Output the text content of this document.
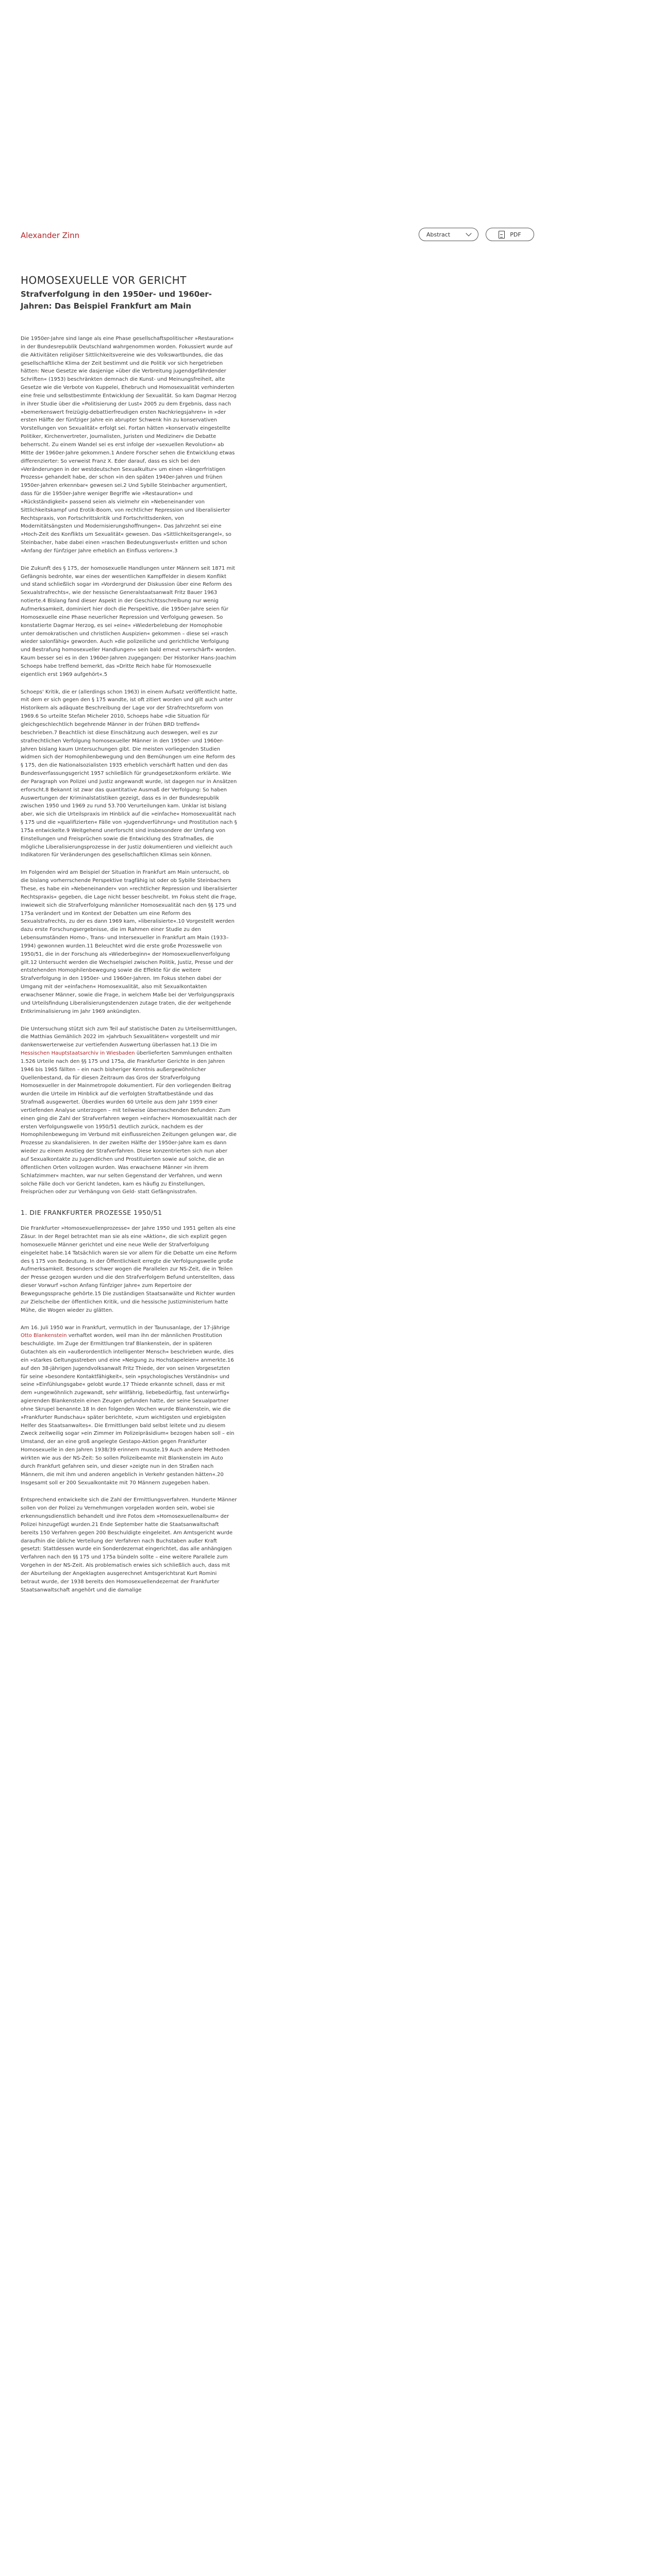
Alexander Zinn	Abstract	PDF
HOMOSEXUELLE VOR GERICHT
Strafverfolgung in den 1950er- und 1960er-Jahren: Das Beispiel Frankfurt am Main

Die 1950er-Jahre sind lange als eine Phase gesellschaftspolitischer »Restauration« in der Bundesrepublik Deutschland wahrgenommen worden. Fokussiert wurde auf die Aktivitäten religiöser Sittlichkeitsvereine wie des Volkswartbundes, die das gesellschaftliche Klima der Zeit bestimmt und die Politik vor sich hergetrieben hätten: Neue Gesetze wie dasjenige »über die Verbreitung jugendgefährdender Schriften« (1953) beschränkten demnach die Kunst- und Meinungsfreiheit, alte Gesetze wie die Verbote von Kuppelei, Ehebruch und Homosexualität verhinderten eine freie und selbstbestimmte Entwicklung der Sexualität. So kam Dagmar Herzog in ihrer Studie über die »Politisierung der Lust« 2005 zu dem Ergebnis, dass nach »bemerkenswert freizügig-debattierfreudigen ersten Nachkriegsjahren« in »der ersten Hälfte der fünfziger Jahre ein abrupter Schwenk hin zu konservativen Vorstellungen von Sexualität« erfolgt sei. Fortan hätten »konservativ eingestellte Politiker, Kirchenvertreter, Journalisten, Juristen und Mediziner« die Debatte beherrscht. Zu einem Wandel sei es erst infolge der »sexuellen Revolution« ab Mitte der 1960er-Jahre gekommen.1 Andere Forscher sehen die Entwicklung etwas differenzierter: So verweist Franz X. Eder darauf, dass es sich bei den »Veränderungen in der westdeutschen Sexualkultur« um einen »längerfristigen Prozess« gehandelt habe, der schon »in den späten 1940er-Jahren und frühen 1950er-Jahren erkennbar« gewesen sei.2 Und Sybille Steinbacher argumentiert, dass für die 1950er-Jahre weniger Begriffe wie »Restauration« und »Rückständigkeit« passend seien als vielmehr ein »Nebeneinander von Sittlichkeitskampf und Erotik-Boom, von rechtlicher Repression und liberalisierter Rechtspraxis, von Fortschrittskritik und Fortschrittsdenken, von Modernitätsängsten und Modernisierungshoffnungen«. Das Jahrzehnt sei eine »Hoch-Zeit des Konflikts um Sexualität« gewesen. Das »Sittlichkeitsgerangel«, so Steinbacher, habe dabei einen »raschen Bedeutungsverlust« erlitten und schon »Anfang der fünfziger Jahre erheblich an Einfluss verloren«.3

Die Zukunft des § 175, der homosexuelle Handlungen unter Männern seit 1871 mit Gefängnis bedrohte, war eines der wesentlichen Kampffelder in diesem Konflikt und stand schließlich sogar im »Vordergrund der Diskussion über eine Reform des Sexualstrafrechts«, wie der hessische Generalstaatsanwalt Fritz Bauer 1963 notierte.4 Bislang fand dieser Aspekt in der Geschichtsschreibung nur wenig Aufmerksamkeit, dominiert hier doch die Perspektive, die 1950er-Jahre seien für Homosexuelle eine Phase neuerlicher Repression und Verfolgung gewesen. So konstatierte Dagmar Herzog, es sei »eine« »Wiederbelebung der Homophobie unter demokratischen und christlichen Auspizien« gekommen – diese sei »rasch wieder salonfähig« geworden. Auch »die polizeiliche und gerichtliche Verfolgung und Bestrafung homosexueller Handlungen« sein bald erneut »verschärft« worden. Kaum besser sei es in den 1960er-Jahren zugegangen: Der Historiker Hans-Joachim Schoeps habe treffend bemerkt, das »Dritte Reich habe für Homosexuelle eigentlich erst 1969 aufgehört«.5

Schoeps' Kritik, die er (allerdings schon 1963) in einem Aufsatz veröffentlicht hatte, mit dem er sich gegen den § 175 wandte, ist oft zitiert worden und gilt auch unter Historikern als adäquate Beschreibung der Lage vor der Strafrechtsreform von 1969.6 So urteilte Stefan Micheler 2010, Schoeps habe »die Situation für gleichgeschlechtlich begehrende Männer in der frühen BRD treffend« beschrieben.7 Beachtlich ist diese Einschätzung auch deswegen, weil es zur strafrechtlichen Verfolgung homosexueller Männer in den 1950er- und 1960er-Jahren bislang kaum Untersuchungen gibt. Die meisten vorliegenden Studien widmen sich der Homophilenbewegung und den Bemühungen um eine Reform des § 175, den die Nationalsozialisten 1935 erheblich verschärft hatten und den das Bundesverfassungsgericht 1957 schließlich für grundgesetzkonform erklärte. Wie der Paragraph von Polizei und Justiz angewandt wurde, ist dagegen nur in Ansätzen erforscht.8 Bekannt ist zwar das quantitative Ausmaß der Verfolgung: So haben Auswertungen der Kriminalstatistiken gezeigt, dass es in der Bundesrepublik zwischen 1950 und 1969 zu rund 53.700 Verurteilungen kam. Unklar ist bislang aber, wie sich die Urteilspraxis im Hinblick auf die »einfache« Homosexualität nach § 175 und die »qualifizierten« Fälle von »Jugendverführung« und Prostitution nach § 175a entwickelte.9 Weitgehend unerforscht sind insbesondere der Umfang von Einstellungen und Freisprüchen sowie die Entwicklung des Strafmaßes, die mögliche Liberalisierungsprozesse in der Justiz dokumentieren und vielleicht auch Indikatoren für Veränderungen des gesellschaftlichen Klimas sein können.

Im Folgenden wird am Beispiel der Situation in Frankfurt am Main untersucht, ob die bislang vorherrschende Perspektive tragfähig ist oder ob Sybille Steinbachers These, es habe ein »Nebeneinander« von »rechtlicher Repression und liberalisierter Rechtspraxis« gegeben, die Lage nicht besser beschreibt. Im Fokus steht die Frage, inwieweit sich die Strafverfolgung männlicher Homosexualität nach den §§ 175 und 175a verändert und im Kontext der Debatten um eine Reform des Sexualstrafrechts, zu der es dann 1969 kam, »liberalisierte«.10 Vorgestellt werden dazu erste Forschungsergebnisse, die im Rahmen einer Studie zu den Lebensumständen Homo-, Trans- und Intersexueller in Frankfurt am Main (1933–1994) gewonnen wurden.11 Beleuchtet wird die erste große Prozesswelle von 1950/51, die in der Forschung als »Wiederbeginn« der Homosexuellenverfolgung gilt.12 Untersucht werden die Wechselspiel zwischen Politik, Justiz, Presse und der entstehenden Homophilenbewegung sowie die Effekte für die weitere Strafverfolgung in den 1950er- und 1960er-Jahren. Im Fokus stehen dabei der Umgang mit der »einfachen« Homosexualität, also mit Sexualkontakten erwachsener Männer, sowie die Frage, in welchem Maße bei der Verfolgungspraxis und Urteilsfindung Liberalisierungstendenzen zutage traten, die der weitgehende Entkriminalisierung im Jahr 1969 ankündigten.

Die Untersuchung stützt sich zum Teil auf statistische Daten zu Urteilsermittlungen, die Matthias Gemählich 2022 im »Jahrbuch Sexualitäten« vorgestellt und mir dankenswerterweise zur vertiefenden Auswertung überlassen hat.13 Die im Hessischen Hauptstaatsarchiv in Wiesbaden überlieferten Sammlungen enthalten 1.526 Urteile nach den §§ 175 und 175a, die Frankfurter Gerichte in den Jahren 1946 bis 1965 fällten – ein nach bisheriger Kenntnis außergewöhnlicher Quellenbestand, da für diesen Zeitraum das Gros der Strafverfolgung Homosexueller in der Mainmetropole dokumentiert. Für den vorliegenden Beitrag wurden die Urteile im Hinblick auf die verfolgten Straftatbestände und das Strafmaß ausgewertet. Überdies wurden 60 Urteile aus dem Jahr 1959 einer vertiefenden Analyse unterzogen – mit teilweise überraschenden Befunden: Zum einen ging die Zahl der Strafverfahren wegen »einfacher« Homosexualität nach der ersten Verfolgungswelle von 1950/51 deutlich zurück, nachdem es der Homophilenbewegung im Verbund mit einflussreichen Zeitungen gelungen war, die Prozesse zu skandalisieren. In der zweiten Hälfte der 1950er-Jahre kam es dann wieder zu einem Anstieg der Strafverfahren. Diese konzentrierten sich nun aber auf Sexualkontakte zu Jugendlichen und Prostituierten sowie auf solche, die an öffentlichen Orten vollzogen wurden. Was erwachsene Männer »in ihrem Schlafzimmer« machten, war nur selten Gegenstand der Verfahren, und wenn solche Fälle doch vor Gericht landeten, kam es häufig zu Einstellungen, Freisprüchen oder zur Verhängung von Geld- statt Gefängnisstrafen.

1. DIE FRANKFURTER PROZESSE 1950/51

Die Frankfurter »Homosexuellenprozesse« der Jahre 1950 und 1951 gelten als eine Zäsur. In der Regel betrachtet man sie als eine »Aktion«, die sich explizit gegen homosexuelle Männer gerichtet und eine neue Welle der Strafverfolgung eingeleitet habe.14 Tatsächlich waren sie vor allem für die Debatte um eine Reform des § 175 von Bedeutung. In der Öffentlichkeit erregte die Verfolgungswelle große Aufmerksamkeit. Besonders schwer wogen die Parallelen zur NS-Zeit, die in Teilen der Presse gezogen wurden und die den Strafverfolgern Befund unterstellten, dass dieser Vorwurf »schon Anfang fünfziger Jahre« zum Repertoire der Bewegungssprache gehörte.15 Die zuständigen Staatsanwälte und Richter wurden zur Zielscheibe der öffentlichen Kritik, und die hessische Justizministerium hatte Mühe, die Wogen wieder zu glätten.

Am 16. Juli 1950 war in Frankfurt, vermutlich in der Taunusanlage, der 17-jährige Otto Blankenstein verhaftet worden, weil man ihn der männlichen Prostitution beschuldigte. Im Zuge der Ermittlungen traf Blankenstein, der in späteren Gutachten als ein »außerordentlich intelligenter Mensch« beschrieben wurde, dies ein »starkes Geltungsstreben und eine »Neigung zu Hochstapeleien« anmerkte.16 auf den 38-jährigen Jugendvolksanwalt Fritz Thiede, der von seinen Vorgesetzten für seine »besondere Kontaktfähigkeit«, sein »psychologisches Verständnis« und seine »Einfühlungsgabe« gelobt wurde.17 Thiede erkannte schnell, dass er mit dem »ungewöhnlich zugewandt, sehr willfährig, liebebedürftig, fast unterwürfig« agierenden Blankenstein einen Zeugen gefunden hatte, der seine Sexualpartner ohne Skrupel benannte.18 In den folgenden Wochen wurde Blankenstein, wie die »Frankfurter Rundschau« später berichtete, »zum wichtigsten und ergiebigsten Helfer des Staatsanwaltes«. Die Ermittlungen bald selbst leitete und zu diesem Zweck zeitweilig sogar »ein Zimmer im Polizeipräsidium« bezogen haben soll – ein Umstand, der an eine groß angelegte Gestapo-Aktion gegen Frankfurter Homosexuelle in den Jahren 1938/39 erinnern musste.19 Auch andere Methoden wirkten wie aus der NS-Zeit: So sollen Polizeibeamte mit Blankenstein im Auto durch Frankfurt gefahren sein, und dieser »zeigte nun in den Straßen nach Männern, die mit ihm und anderen angeblich in Verkehr gestanden hätten«.20 Insgesamt soll er 200 Sexualkontakte mit 70 Männern zugegeben haben.

Entsprechend entwickelte sich die Zahl der Ermittlungsverfahren. Hunderte Männer sollen von der Polizei zu Vernehmungen vorgeladen worden sein, wobei sie erkennungsdienstlich behandelt und ihre Fotos dem »Homosexuellenalbum« der Polizei hinzugefügt wurden.21 Ende September hatte die Staatsanwaltschaft bereits 150 Verfahren gegen 200 Beschuldigte eingeleitet. Am Amtsgericht wurde daraufhin die übliche Verteilung der Verfahren nach Buchstaben außer Kraft gesetzt: Stattdessen wurde ein Sonderdezernat eingerichtet, das alle anhängigen Verfahren nach den §§ 175 und 175a bündeln sollte – eine weitere Parallele zum Vorgehen in der NS-Zeit. Als problematisch erwies sich schließlich auch, dass mit der Aburteilung der Angeklagten ausgerechnet Amtsgerichtsrat Kurt Romini betraut wurde, der 1938 bereits den Homosexuellendezernat der Frankfurter Staatsanwaltschaft angehört und die damalige
